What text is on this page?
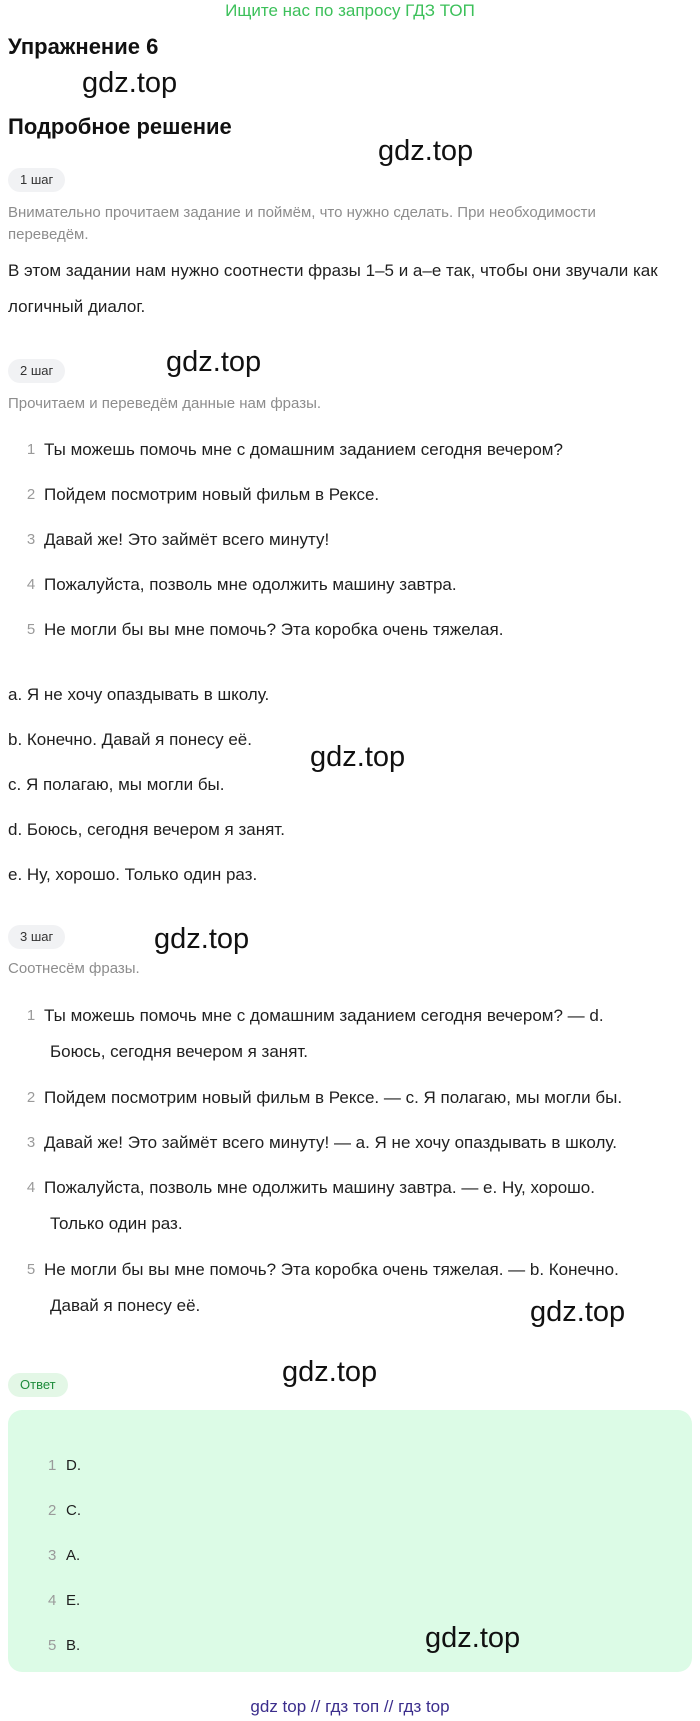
Ищите нас по запросу ГДЗ ТОП
Упражнение 6
gdz.top
Подробное решение
gdz.top
1 шаг
Внимательно прочитаем задание и поймём, что нужно сделать. При необходимости переведём.
В этом задании нам нужно соотнести фразы 1–5 и a–e так, чтобы они звучали как логичный диалог.
2 шаг	gdz.top
Прочитаем и переведём данные нам фразы.
1 Ты можешь помочь мне с домашним заданием сегодня вечером?
2 Пойдем посмотрим новый фильм в Рексе.
3 Давай же! Это займёт всего минуту!
4 Пожалуйста, позволь мне одолжить машину завтра.
5 Не могли бы вы мне помочь? Эта коробка очень тяжелая.
a. Я не хочу опаздывать в школу.
b. Конечно. Давай я понесу её.
gdz.top
c. Я полагаю, мы могли бы.
d. Боюсь, сегодня вечером я занят.
e. Ну, хорошо. Только один раз.
3 шаг	gdz.top
Соотнесём фразы.
1 Ты можешь помочь мне с домашним заданием сегодня вечером? — d.
Боюсь, сегодня вечером я занят.
2 Пойдем посмотрим новый фильм в Рексе. — c. Я полагаю, мы могли бы.
3 Давай же! Это займёт всего минуту! — a. Я не хочу опаздывать в школу.
4 Пожалуйста, позволь мне одолжить машину завтра. — e. Ну, хорошо.
Только один раз.
5 Не могли бы вы мне помочь? Эта коробка очень тяжелая. — b. Конечно.
Давай я понесу её.	gdz.top
gdz.top
Ответ
1 D.
2 C.
3 A.
4 E.
5 B.	gdz.top
gdz top // гдз топ // гдз top
